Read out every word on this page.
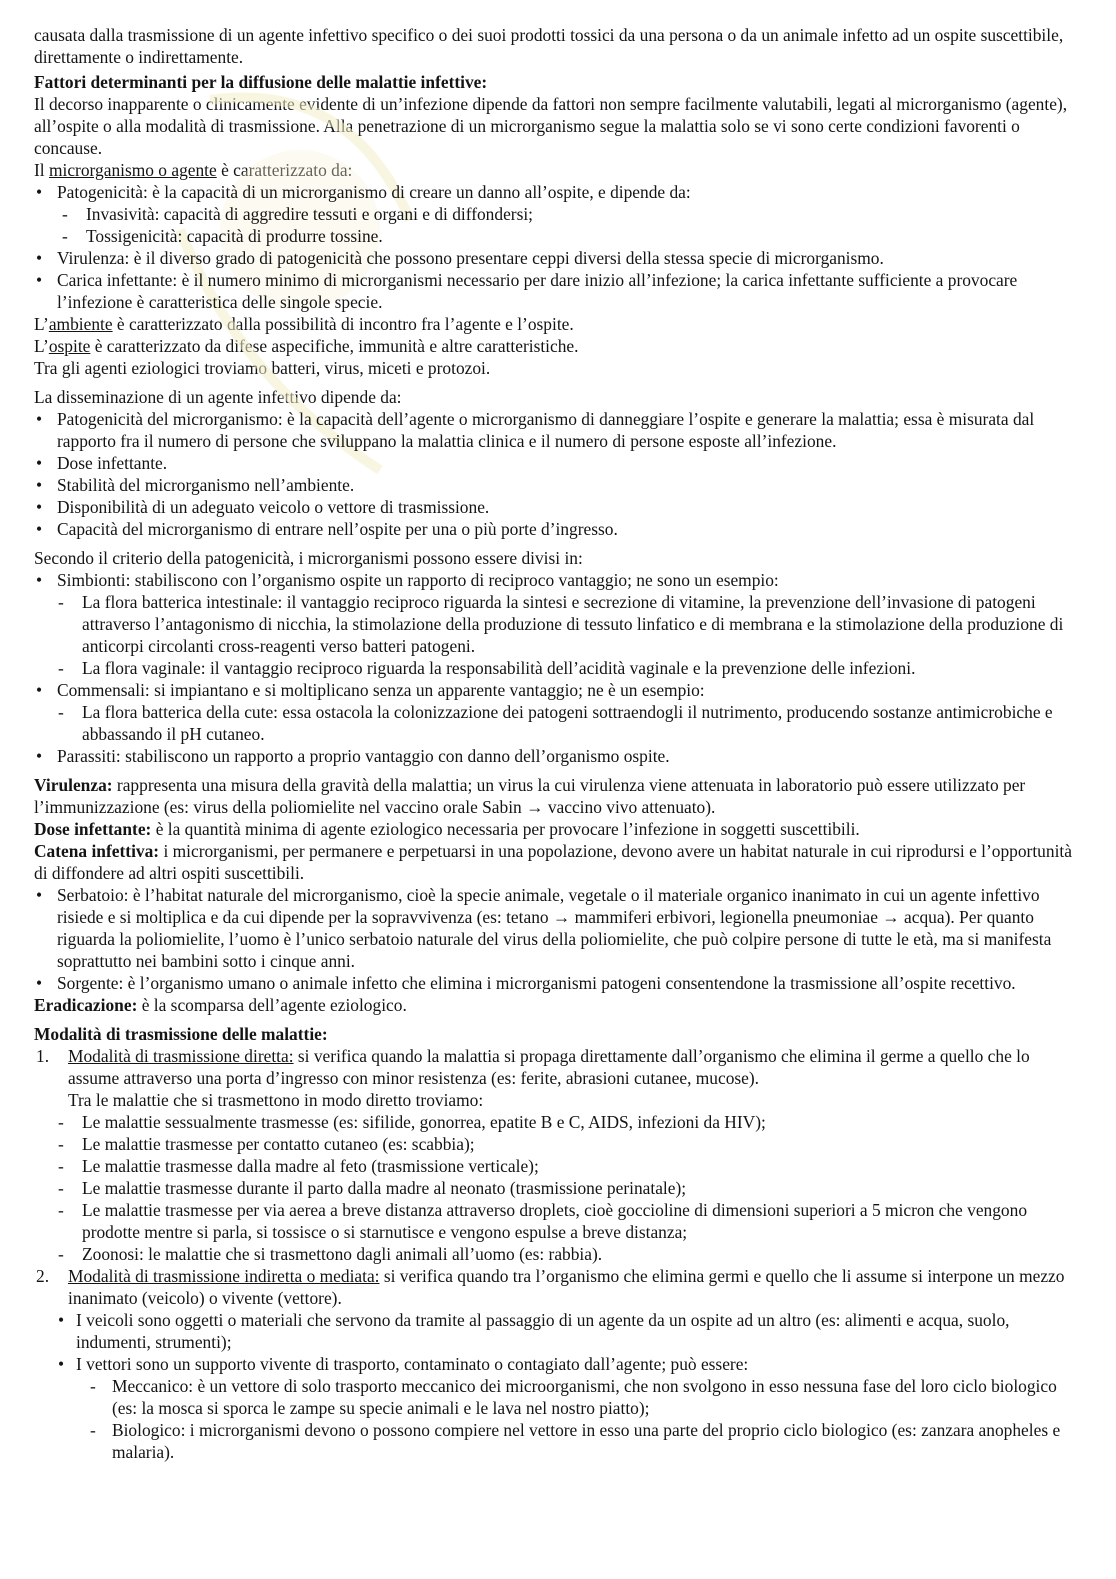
causata dalla trasmissione di un agente infettivo specifico o dei suoi prodotti tossici da una persona o da un animale infetto ad un ospite suscettibile, direttamente o indirettamente.

Fattori determinanti per la diffusione delle malattie infettive:

Il decorso inapparente o clinicamente evidente di un’infezione dipende da fattori non sempre facilmente valutabili, legati al microrganismo (agente), all’ospite o alla modalità di trasmissione. Alla penetrazione di un microrganismo segue la malattia solo se vi sono certe condizioni favorenti o concause.

Il microrganismo o agente è caratterizzato da:

• Patogenicità: è la capacità di un microrganismo di creare un danno all’ospite, e dipende da:
- Invasività: capacità di aggredire tessuti e organi e di diffondersi;
- Tossigenicità: capacità di produrre tossine.
• Virulenza: è il diverso grado di patogenicità che possono presentare ceppi diversi della stessa specie di microrganismo.
• Carica infettante: è il numero minimo di microrganismi necessario per dare inizio all’infezione; la carica infettante sufficiente a provocare l’infezione è caratteristica delle singole specie.

L’ambiente è caratterizzato dalla possibilità di incontro fra l’agente e l’ospite.

L’ospite è caratterizzato da difese aspecifiche, immunità e altre caratteristiche.

Tra gli agenti eziologici troviamo batteri, virus, miceti e protozoi.

La disseminazione di un agente infettivo dipende da:

• Patogenicità del microrganismo: è la capacità dell’agente o microrganismo di danneggiare l’ospite e generare la malattia; essa è misurata dal rapporto fra il numero di persone che sviluppano la malattia clinica e il numero di persone esposte all’infezione.
• Dose infettante.
• Stabilità del microrganismo nell’ambiente.
• Disponibilità di un adeguato veicolo o vettore di trasmissione.
• Capacità del microrganismo di entrare nell’ospite per una o più porte d’ingresso.

Secondo il criterio della patogenicità, i microrganismi possono essere divisi in:

• Simbionti: stabiliscono con l’organismo ospite un rapporto di reciproco vantaggio; ne sono un esempio:
- La flora batterica intestinale: il vantaggio reciproco riguarda la sintesi e secrezione di vitamine, la prevenzione dell’invasione di patogeni attraverso l’antagonismo di nicchia, la stimolazione della produzione di tessuto linfatico e di membrana e la stimolazione della produzione di anticorpi circolanti cross-reagenti verso batteri patogeni.
- La flora vaginale: il vantaggio reciproco riguarda la responsabilità dell’acidità vaginale e la prevenzione delle infezioni.
• Commensali: si impiantano e si moltiplicano senza un apparente vantaggio; ne è un esempio:
- La flora batterica della cute: essa ostacola la colonizzazione dei patogeni sottraendogli il nutrimento, producendo sostanze antimicrobiche e abbassando il pH cutaneo.
• Parassiti: stabiliscono un rapporto a proprio vantaggio con danno dell’organismo ospite.

Virulenza: rappresenta una misura della gravità della malattia; un virus la cui virulenza viene attenuata in laboratorio può essere utilizzato per l’immunizzazione (es: virus della poliomielite nel vaccino orale Sabin → vaccino vivo attenuato).

Dose infettante: è la quantità minima di agente eziologico necessaria per provocare l’infezione in soggetti suscettibili.

Catena infettiva: i microrganismi, per permanere e perpetuarsi in una popolazione, devono avere un habitat naturale in cui riprodursi e l’opportunità di diffondere ad altri ospiti suscettibili.

• Serbatoio: è l’habitat naturale del microrganismo, cioè la specie animale, vegetale o il materiale organico inanimato in cui un agente infettivo risiede e si moltiplica e da cui dipende per la sopravvivenza (es: tetano → mammiferi erbivori, legionella pneumoniae → acqua). Per quanto riguarda la poliomielite, l’uomo è l’unico serbatoio naturale del virus della poliomielite, che può colpire persone di tutte le età, ma si manifesta soprattutto nei bambini sotto i cinque anni.
• Sorgente: è l’organismo umano o animale infetto che elimina i microrganismi patogeni consentendone la trasmissione all’ospite recettivo.

Eradicazione: è la scomparsa dell’agente eziologico.

Modalità di trasmissione delle malattie:

1. Modalità di trasmissione diretta: si verifica quando la malattia si propaga direttamente dall’organismo che elimina il germe a quello che lo assume attraverso una porta d’ingresso con minor resistenza (es: ferite, abrasioni cutanee, mucose).
Tra le malattie che si trasmettono in modo diretto troviamo:
- Le malattie sessualmente trasmesse (es: sifilide, gonorrea, epatite B e C, AIDS, infezioni da HIV);
- Le malattie trasmesse per contatto cutaneo (es: scabbia);
- Le malattie trasmesse dalla madre al feto (trasmissione verticale);
- Le malattie trasmesse durante il parto dalla madre al neonato (trasmissione perinatale);
- Le malattie trasmesse per via aerea a breve distanza attraverso droplets, cioè goccioline di dimensioni superiori a 5 micron che vengono prodotte mentre si parla, si tossisce o si starnutisce e vengono espulse a breve distanza;
- Zoonosi: le malattie che si trasmettono dagli animali all’uomo (es: rabbia).
2. Modalità di trasmissione indiretta o mediata: si verifica quando tra l’organismo che elimina germi e quello che li assume si interpone un mezzo inanimato (veicolo) o vivente (vettore).
• I veicoli sono oggetti o materiali che servono da tramite al passaggio di un agente da un ospite ad un altro (es: alimenti e acqua, suolo, indumenti, strumenti);
• I vettori sono un supporto vivente di trasporto, contaminato o contagiato dall’agente; può essere:
- Meccanico: è un vettore di solo trasporto meccanico dei microorganismi, che non svolgono in esso nessuna fase del loro ciclo biologico (es: la mosca si sporca le zampe su specie animali e le lava nel nostro piatto);
- Biologico: i microrganismi devono o possono compiere nel vettore in esso una parte del proprio ciclo biologico (es: zanzara anopheles e malaria).
